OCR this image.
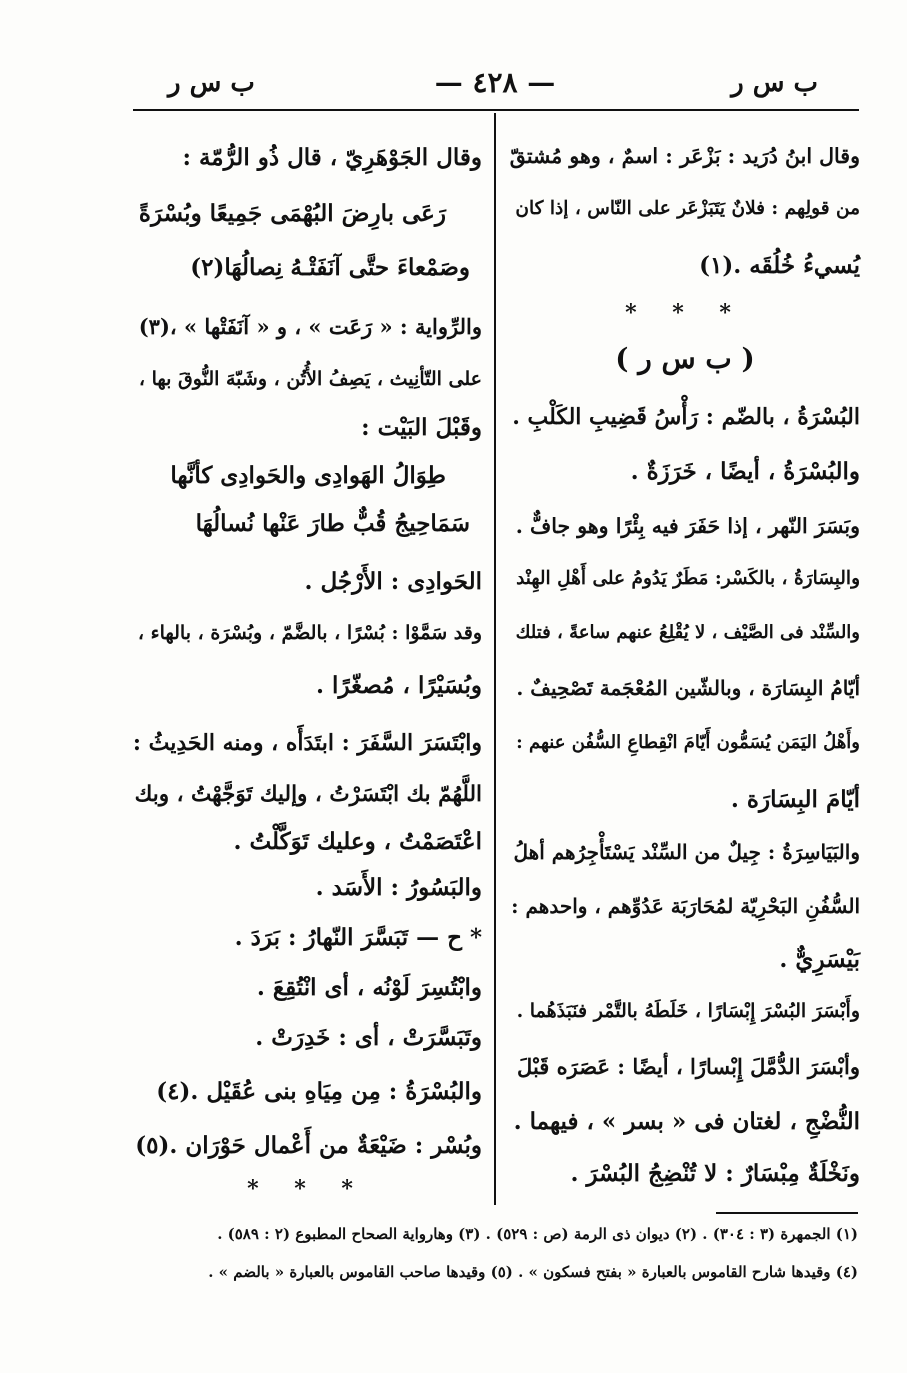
ب س ر
— ٤٢٨ —
ب س ر
وقال ابنُ دُرَيد : بَزْعَر : اسمٌ ، وهو مُشتقّ
من قولِهم : فلانٌ يَتَبَزْعَر على النّاس ، إذا كان
يُسيءُ خُلُقَه .(١)
* * *
( ب س ر )
البُسْرَةُ ، بالضّم : رَأْسُ قَضِيبِ الكَلْبِ .
والبُسْرَةُ ، أيضًا ، خَرَزَةٌ .
وبَسَرَ النّهر ، إذا حَفَرَ فيه بِئْرًا وهو جافٌّ .
والبِسَارَةُ ، بالكَسْر: مَطَرٌ يَدُومُ على أَهْلِ الهِنْد
والسِّنْد فى الصَّيْف ، لا يُقْلِعُ عنهم ساعةً ، فتلك
أيّامُ البِسَارَة ، وبالشّين المُعْجَمة تَصْحِيفٌ .
وأَهْلُ اليَمَن يُسَمُّون أَيّامَ انْقِطاعِ السُّفُن عنهم :
أيّامَ البِسَارَة .
والبَيَاسِرَةُ : جِيلٌ من السِّنْد يَسْتَأْجِرُهم أهلُ
السُّفُنِ البَحْرِيّة لمُحَارَبَة عَدُوِّهم ، واحدهم :
بَيْسَرِيٌّ .
وأَبْسَرَ البُسْرَ إِبْسَارًا ، خَلَطَهُ بالتَّمْر فنَبَذَهُما .
وأبْسَرَ الدُّمَّلَ إِبْسارًا ، أيضًا : عَصَرَه قَبْلَ
النُّضْجِ ، لغتان فى « بسر » ، فيهما .
ونَخْلَةٌ مِبْسَارٌ : لا تُنْضِجُ البُسْرَ .
وقال الجَوْهَرِيّ ، قال ذُو الرُّمّة :
رَعَى بارِضَ البُهْمَى جَمِيعًا وبُسْرَةً
وصَمْعاءَ حتَّى آنَفَتْـهُ نِصالُهَا(٢)
والرِّواية : « رَعَت » ، و « آنَفَتْها » ،(٣)
على التّأنِيث ، يَصِفُ الأُتُن ، وشَبّهَ النُّوقَ بها ،
وقَبْلَ البَيْت :
طِوَالُ الهَوادِى والحَوادِى كأنَّها
سَمَاحِيجُ قُبٌّ طارَ عَنْها نُسالُهَا
الحَوادِى : الأَرْجُل .
وقد سَمَّوْا : بُسْرًا ، بالضَّمّ ، وبُسْرَة ، بالهاء ،
وبُسَيْرًا ، مُصغّرًا .
وابْتَسَرَ السَّفَرَ : ابتَدَأَه ، ومنه الحَدِيثُ :
اللَّهُمّ بك ابْتَسَرْتُ ، وإليك تَوَجَّهْتُ ، وبك
اعْتَصَمْتُ ، وعليك تَوَكَّلْتُ .
والبَسُورُ : الأَسَد .
* ح — تَبَسَّرَ النّهارُ : بَرَدَ .
وابْتُسِرَ لَوْنُه ، أى انْتُقِعَ .
وتَبَسَّرَتْ ، أى : خَدِرَتْ .
والبُسْرَةُ : مِن مِيَاهِ بنى عُقَيْل .(٤)
وبُسْر : ضَيْعَةٌ من أَعْمال حَوْرَان .(٥)
* * *
(١) الجمهرة (٣ : ٣٠٤) . (٢) ديوان ذى الرمة (ص : ٥٢٩) . (٣) وهارواية الصحاح المطبوع (٢ : ٥٨٩) .
(٤) وقيدها شارح القاموس بالعبارة « بفتح فسكون » . (٥) وقيدها صاحب القاموس بالعبارة « بالضم » .
